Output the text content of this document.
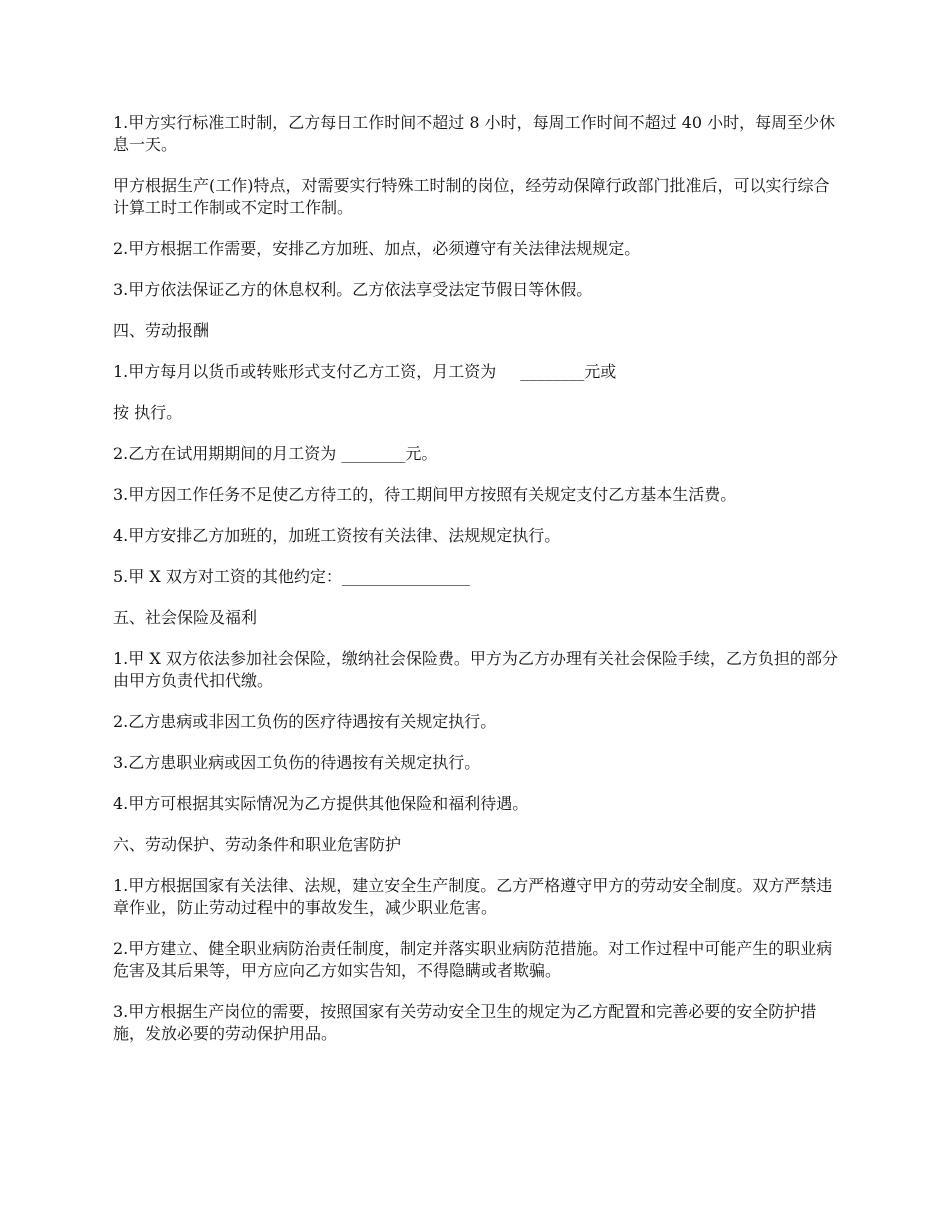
1.甲方实行标准工时制，乙方每日工作时间不超过 8 小时，每周工作时间不超过 40 小时，每周至少休息一天。

甲方根据生产(工作)特点，对需要实行特殊工时制的岗位，经劳动保障行政部门批准后，可以实行综合计算工时工作制或不定时工作制。

2.甲方根据工作需要，安排乙方加班、加点，必须遵守有关法律法规规定。

3.甲方依法保证乙方的休息权利。乙方依法享受法定节假日等休假。

四、劳动报酬

1.甲方每月以货币或转账形式支付乙方工资，月工资为 ________元或

按 执行。

2.乙方在试用期期间的月工资为 ________元。

3.甲方因工作任务不足使乙方待工的，待工期间甲方按照有关规定支付乙方基本生活费。

4.甲方安排乙方加班的，加班工资按有关法律、法规规定执行。

5.甲 X 双方对工资的其他约定：________________

五、社会保险及福利

1.甲 X 双方依法参加社会保险，缴纳社会保险费。甲方为乙方办理有关社会保险手续，乙方负担的部分由甲方负责代扣代缴。

2.乙方患病或非因工负伤的医疗待遇按有关规定执行。

3.乙方患职业病或因工负伤的待遇按有关规定执行。

4.甲方可根据其实际情况为乙方提供其他保险和福利待遇。

六、劳动保护、劳动条件和职业危害防护

1.甲方根据国家有关法律、法规，建立安全生产制度。乙方严格遵守甲方的劳动安全制度。双方严禁违章作业，防止劳动过程中的事故发生，减少职业危害。

2.甲方建立、健全职业病防治责任制度，制定并落实职业病防范措施。对工作过程中可能产生的职业病危害及其后果等，甲方应向乙方如实告知，不得隐瞒或者欺骗。

3.甲方根据生产岗位的需要，按照国家有关劳动安全卫生的规定为乙方配置和完善必要的安全防护措施，发放必要的劳动保护用品。
